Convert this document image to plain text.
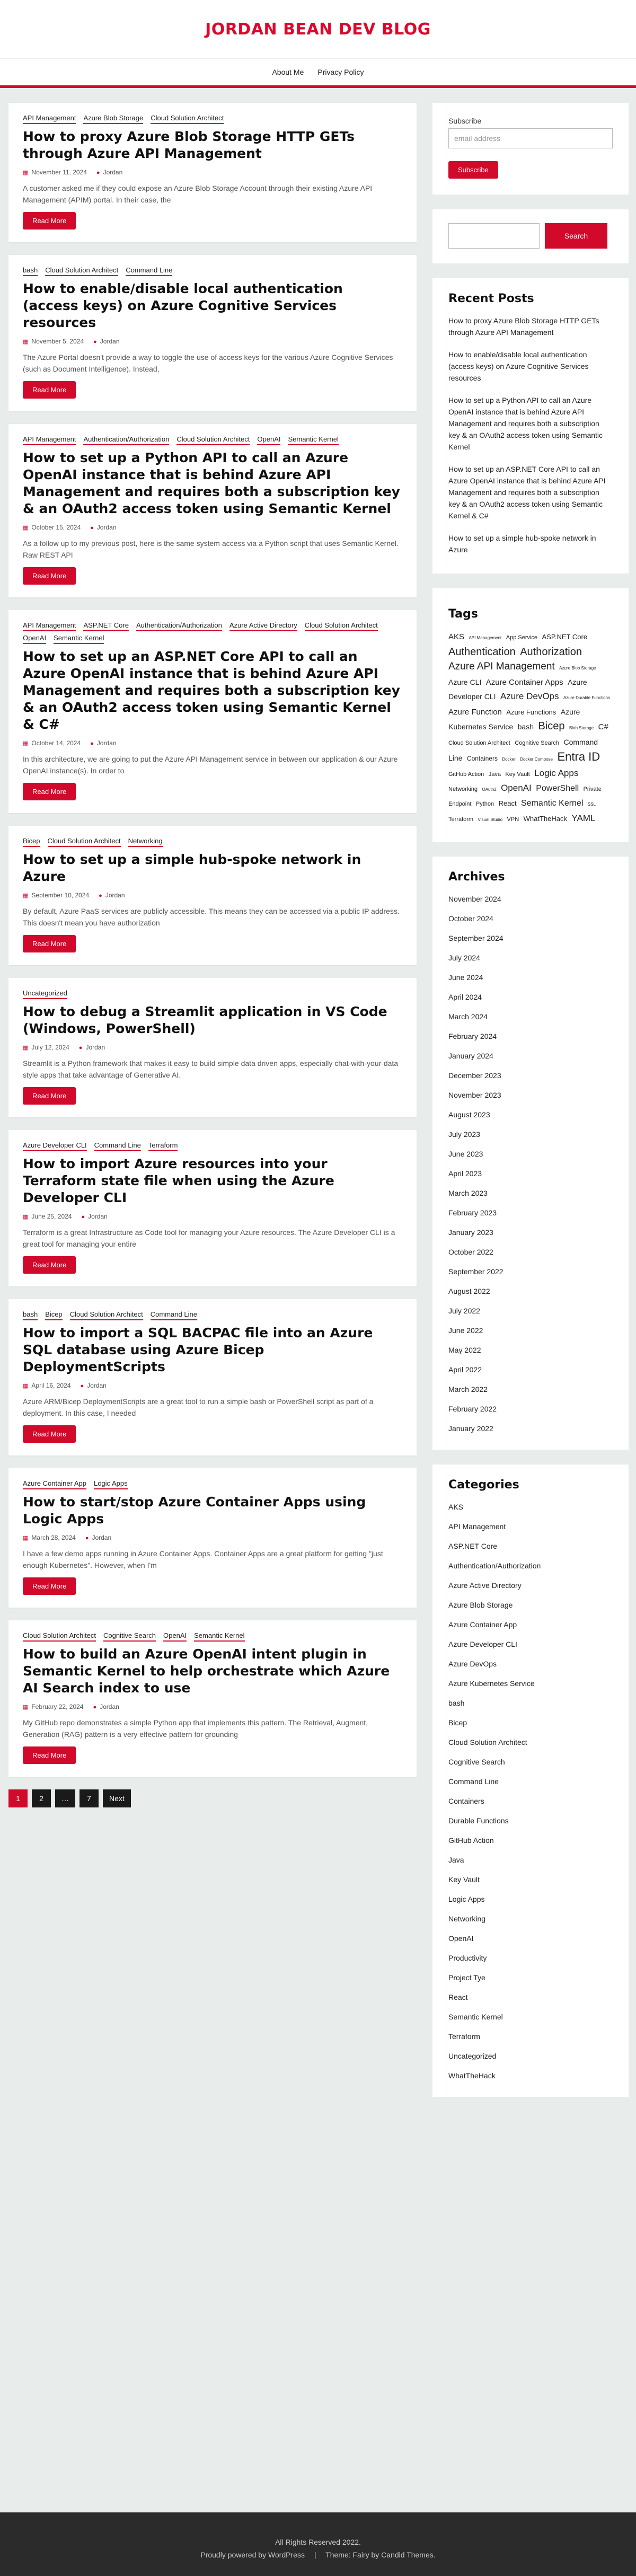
JORDAN BEAN DEV BLOG
About Me Privacy Policy
API Management Azure Blob Storage Cloud Solution Architect
How to proxy Azure Blob Storage HTTP GETs through Azure API Management
▦ November 11, 2024 ● Jordan

A customer asked me if they could expose an Azure Blob Storage Account through their existing Azure API Management (APIM) portal. In their case, the

Read More
bash Cloud Solution Architect Command Line
How to enable/disable local authentication (access keys) on Azure Cognitive Services resources
▦ November 5, 2024 ● Jordan

The Azure Portal doesn't provide a way to toggle the use of access keys for the various Azure Cognitive Services (such as Document Intelligence). Instead,

Read More
API Management Authentication/Authorization Cloud Solution Architect OpenAI Semantic Kernel
How to set up a Python API to call an Azure OpenAI instance that is behind Azure API Management and requires both a subscription key & an OAuth2 access token using Semantic Kernel
▦ October 15, 2024 ● Jordan

As a follow up to my previous post, here is the same system access via a Python script that uses Semantic Kernel. Raw REST API

Read More
API Management ASP.NET Core Authentication/Authorization Azure Active Directory Cloud Solution Architect
OpenAI Semantic Kernel
How to set up an ASP.NET Core API to call an Azure OpenAI instance that is behind Azure API Management and requires both a subscription key & an OAuth2 access token using Semantic Kernel & C#
▦ October 14, 2024 ● Jordan

In this architecture, we are going to put the Azure API Management service in between our application & our Azure OpenAI instance(s). In order to

Read More
Bicep Cloud Solution Architect Networking
How to set up a simple hub-spoke network in Azure
▦ September 10, 2024 ● Jordan

By default, Azure PaaS services are publicly accessible. This means they can be accessed via a public IP address. This doesn't mean you have authorization

Read More
Uncategorized
How to debug a Streamlit application in VS Code (Windows, PowerShell)
▦ July 12, 2024 ● Jordan

Streamlit is a Python framework that makes it easy to build simple data driven apps, especially chat-with-your-data style apps that take advantage of Generative AI.

Read More
Azure Developer CLI Command Line Terraform
How to import Azure resources into your Terraform state file when using the Azure Developer CLI
▦ June 25, 2024 ● Jordan

Terraform is a great Infrastructure as Code tool for managing your Azure resources. The Azure Developer CLI is a great tool for managing your entire

Read More
bash Bicep Cloud Solution Architect Command Line
How to import a SQL BACPAC file into an Azure SQL database using Azure Bicep DeploymentScripts
▦ April 16, 2024 ● Jordan

Azure ARM/Bicep DeploymentScripts are a great tool to run a simple bash or PowerShell script as part of a deployment. In this case, I needed

Read More
Azure Container App Logic Apps
How to start/stop Azure Container Apps using Logic Apps
▦ March 28, 2024 ● Jordan

I have a few demo apps running in Azure Container Apps. Container Apps are a great platform for getting "just enough Kubernetes". However, when I'm

Read More
Cloud Solution Architect Cognitive Search OpenAI Semantic Kernel
How to build an Azure OpenAI intent plugin in Semantic Kernel to help orchestrate which Azure AI Search index to use
▦ February 22, 2024 ● Jordan

My GitHub repo demonstrates a simple Python app that implements this pattern. The Retrieval, Augment, Generation (RAG) pattern is a very effective pattern for grounding

Read More
1	2	…	7	Next
Subscribe
email address
Subscribe
Search
Recent Posts
How to proxy Azure Blob Storage HTTP GETs through Azure API Management
How to enable/disable local authentication (access keys) on Azure Cognitive Services resources
How to set up a Python API to call an Azure OpenAI instance that is behind Azure API Management and requires both a subscription key & an OAuth2 access token using Semantic Kernel
How to set up an ASP.NET Core API to call an Azure OpenAI instance that is behind Azure API Management and requires both a subscription key & an OAuth2 access token using Semantic Kernel & C#
How to set up a simple hub-spoke network in Azure
Tags
AKS API Management App Service ASP.NET Core Authentication Authorization Azure API Management Azure Blob Storage Azure CLI Azure Container Apps Azure Developer CLI Azure DevOps Azure Durable Functions Azure Function Azure Functions Azure Kubernetes Service bash Bicep Blob Storage C# Cloud Solution Architect Cognitive Search Command Line Containers Docker Docker Compose Entra ID GitHub Action Java Key Vault Logic Apps Networking OAuth2 OpenAI PowerShell Private Endpoint Python React Semantic Kernel SSL Terraform Visual Studio VPN WhatTheHack YAML
Archives
November 2024
October 2024
September 2024
July 2024
June 2024
April 2024
March 2024
February 2024
January 2024
December 2023
November 2023
August 2023
July 2023
June 2023
April 2023
March 2023
February 2023
January 2023
October 2022
September 2022
August 2022
July 2022
June 2022
May 2022
April 2022
March 2022
February 2022
January 2022
Categories
AKS
API Management
ASP.NET Core
Authentication/Authorization
Azure Active Directory
Azure Blob Storage
Azure Container App
Azure Developer CLI
Azure DevOps
Azure Kubernetes Service
bash
Bicep
Cloud Solution Architect
Cognitive Search
Command Line
Containers
Durable Functions
GitHub Action
Java
Key Vault
Logic Apps
Networking
OpenAI
Productivity
Project Tye
React
Semantic Kernel
Terraform
Uncategorized
WhatTheHack
All Rights Reserved 2022.
Proudly powered by WordPress | Theme: Fairy by Candid Themes.
